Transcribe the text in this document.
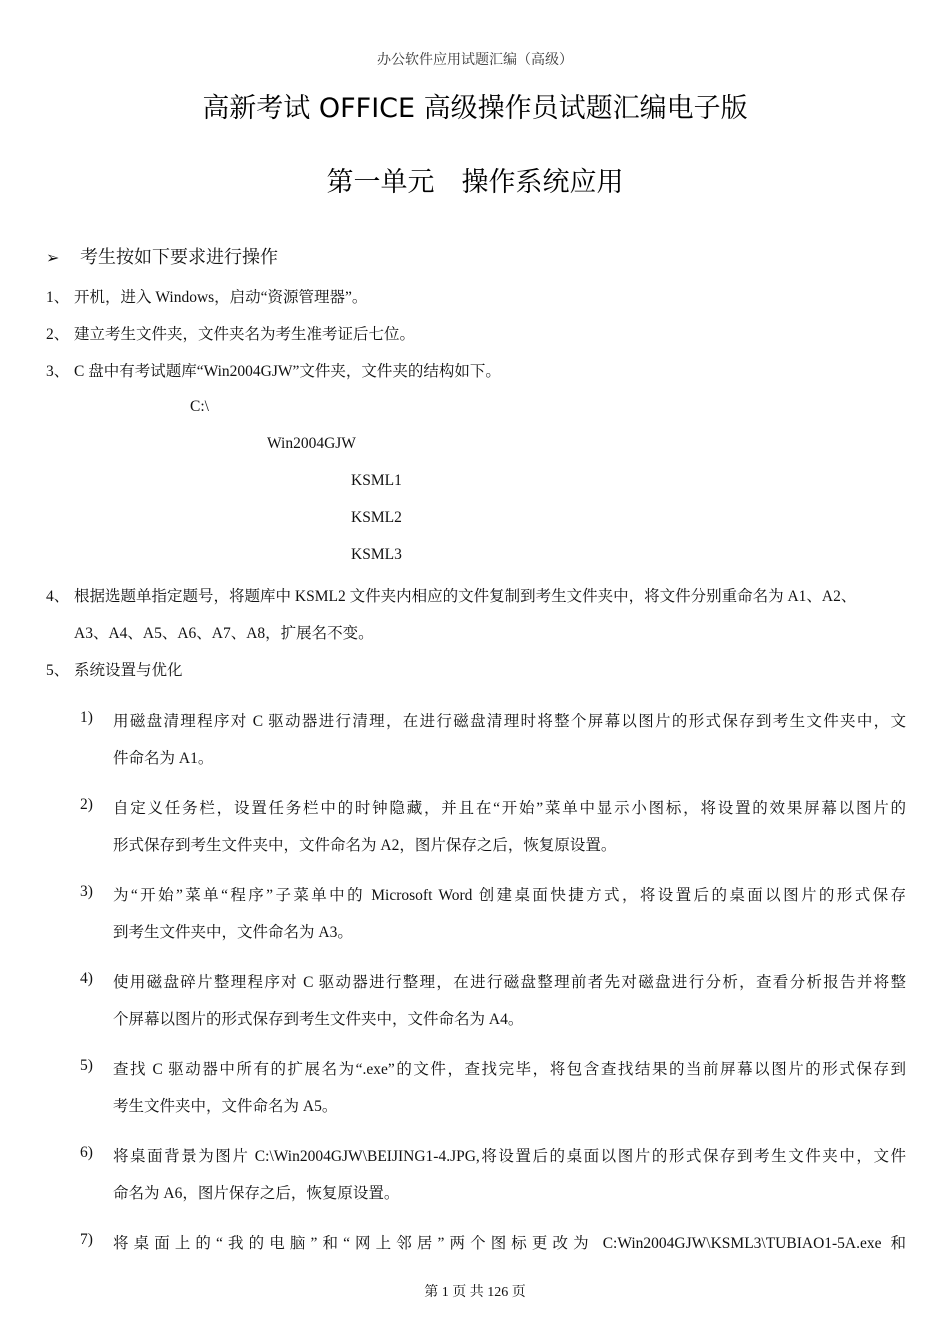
办公软件应用试题汇编（高级）
高新考试 OFFICE 高级操作员试题汇编电子版
第一单元　操作系统应用
➢ 考生按如下要求进行操作
1、 开机，进入 Windows，启动“资源管理器”。
2、 建立考生文件夹，文件夹名为考生准考证后七位。
3、 C 盘中有考试题库“Win2004GJW”文件夹，文件夹的结构如下。
C:\
Win2004GJW
KSML1
KSML2
KSML3
4、 根据选题单指定题号，将题库中 KSML2 文件夹内相应的文件复制到考生文件夹中，将文件分别重命名为 A1、A2、
A3、A4、A5、A6、A7、A8，扩展名不变。
5、 系统设置与优化
1) 用磁盘清理程序对 C 驱动器进行清理，在进行磁盘清理时将整个屏幕以图片的形式保存到考生文件夹中，文
件命名为 A1。
2) 自定义任务栏，设置任务栏中的时钟隐藏，并且在“开始”菜单中显示小图标，将设置的效果屏幕以图片的
形式保存到考生文件夹中，文件命名为 A2，图片保存之后，恢复原设置。
3) 为“开始”菜单“程序”子菜单中的 Microsoft Word 创建桌面快捷方式，将设置后的桌面以图片的形式保存
到考生文件夹中，文件命名为 A3。
4) 使用磁盘碎片整理程序对 C 驱动器进行整理，在进行磁盘整理前者先对磁盘进行分析，查看分析报告并将整
个屏幕以图片的形式保存到考生文件夹中，文件命名为 A4。
5) 查找 C 驱动器中所有的扩展名为“.exe”的文件，查找完毕，将包含查找结果的当前屏幕以图片的形式保存到
考生文件夹中，文件命名为 A5。
6) 将桌面背景为图片 C:\Win2004GJW\BEIJING1-4.JPG,将设置后的桌面以图片的形式保存到考生文件夹中，文件
命名为 A6，图片保存之后，恢复原设置。
7) 将桌面上的“我的电脑”和“网上邻居”两个图标更改为 C:Win2004GJW\KSML3\TUBIAO1-5A.exe 和
第 1 页 共 126 页
